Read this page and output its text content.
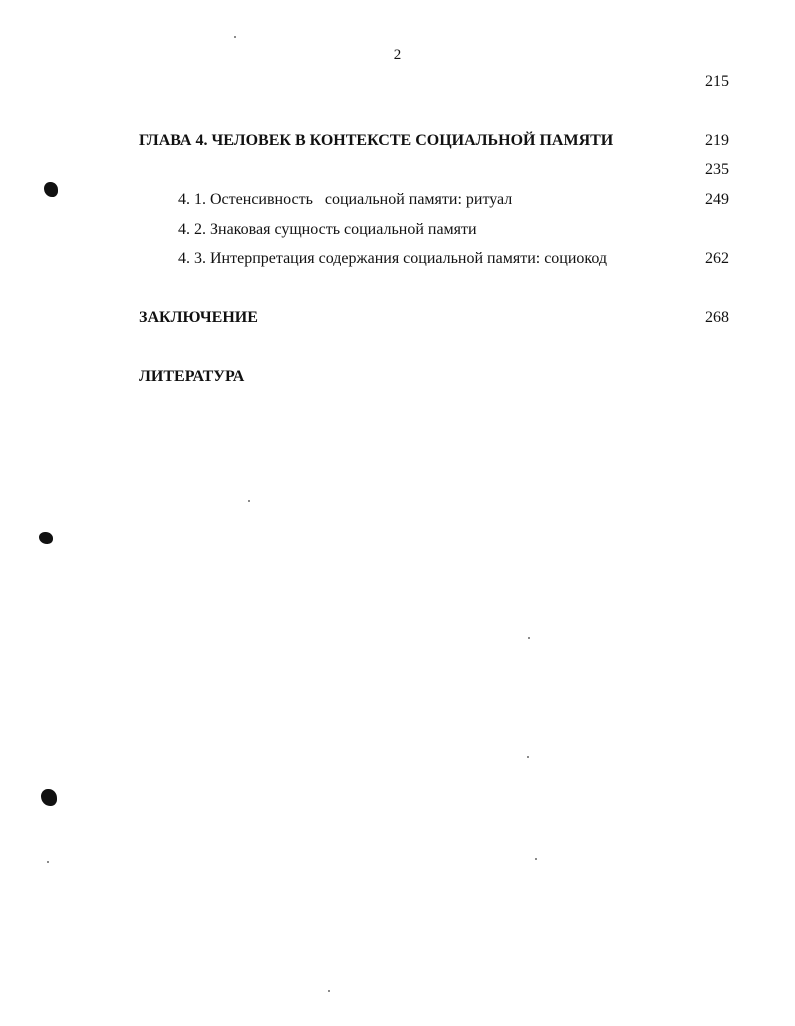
2
215
ГЛАВА 4. ЧЕЛОВЕК В КОНТЕКСТЕ СОЦИАЛЬНОЙ ПАМЯТИ	219
235
4. 1. Остенсивность   социальной памяти: ритуал	249
4. 2. Знаковая сущность социальной памяти
4. 3. Интерпретация содержания социальной памяти: социокод	262
ЗАКЛЮЧЕНИЕ	268
ЛИТЕРАТУРА
